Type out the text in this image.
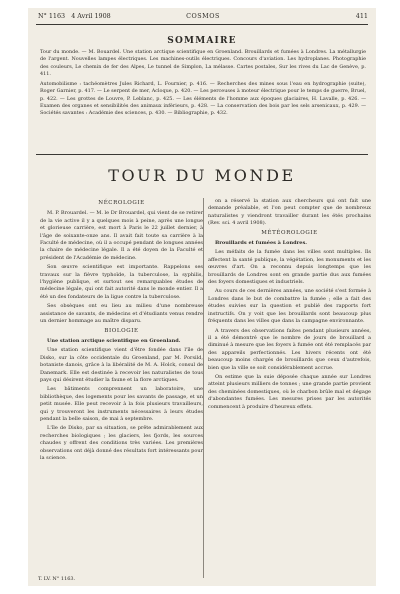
N° 1163 4 Avril 1908	COSMOS	411
SOMMAIRE

Tour du monde. — M. Bouardel. Une station arctique scientifique en Groenland. Brouillards et fumées à Londres. La métallurgie de l'argent. Nouvelles lampes électriques. Les machines-outils électriques. Concours d'aviation. Les hydroplanes. Photographie des couleurs, Le chemin de fer des Alpes, Le tunnel de Simplon, La mélasse. Cartes postales, Sur les rives du Lac de Genève, p. 411.

Automobilisme : tachéomètres Jules Richard, L. Fournier, p. 416. — Recherches des mines sous l'eau en hydrographie (suite), Roger Garnier, p. 417. — Le serpent de mer, Acloque, p. 420. — Les perceuses à moteur électrique pour le temps de guerre, Bruel, p. 422. — Les grottes de Louvre, P. Leblanc, p. 425. — Les éléments de l'homme aux époques glaciaires, H. Lavalle, p. 426. — Examen des organes et sensibilités des animaux inférieurs, p. 428. — La conservation des bois par les sels arsenicaux, p. 429. — Sociétés savantes : Académie des sciences, p. 430. — Bibliographie, p. 432.

TOUR DU MONDE
NÉCROLOGIE

M. P. Brouardel. — M. le Dr Brouardel, qui vient de se retirer de la vie active il y a quelques mois à peine, après une longue et glorieuse carrière, est mort à Paris le 22 juillet dernier, à l'âge de soixante-onze ans. Il avait fait toute sa carrière à la Faculté de médecine, où il a occupé pendant de longues années la chaire de médecine légale. Il a été doyen de la Faculté et président de l'Académie de médecine.

Son œuvre scientifique est importante. Rappelons ses travaux sur la fièvre typhoïde, la tuberculose, la syphilis, l'hygiène publique, et surtout ses remarquables études de médecine légale, qui ont fait autorité dans le monde entier. Il a été un des fondateurs de la ligue contre la tuberculose.

Ses obsèques ont eu lieu au milieu d'une nombreuse assistance de savants, de médecins et d'étudiants venus rendre un dernier hommage au maître disparu.

BIOLOGIE

Une station arctique scientifique en Groenland.

Une station scientifique vient d'être fondée dans l'île de Disko, sur la côte occidentale du Groenland, par M. Porsild, botaniste danois, grâce à la libéralité de M. A. Holck, consul de Danemark. Elle est destinée à recevoir les naturalistes de tous pays qui désirent étudier la faune et la flore arctiques.

Les bâtiments comprennent un laboratoire, une bibliothèque, des logements pour les savants de passage, et un petit musée. Elle peut recevoir à la fois plusieurs travailleurs, qui y trouveront les instruments nécessaires à leurs études pendant la belle saison, de mai à septembre.

L'île de Disko, par sa situation, se prête admirablement aux recherches biologiques ; les glaciers, les fjords, les sources chaudes y offrent des conditions très variées. Les premières observations ont déjà donné des résultats fort intéressants pour la science.

on a réservé la station aux chercheurs qui ont fait une demande préalable, et l'on peut compter que de nombreux naturalistes y viendront travailler durant les étés prochains (Rev. sci. 4 avril 1908).

MÉTÉOROLOGIE

Brouillards et fumées à Londres.

Les méfaits de la fumée dans les villes sont multiples. Ils affectent la santé publique, la végétation, les monuments et les œuvres d'art. On a reconnu depuis longtemps que les brouillards de Londres sont en grande partie dus aux fumées des foyers domestiques et industriels.

Au cours de ces dernières années, une société s'est formée à Londres dans le but de combattre la fumée ; elle a fait des études suivies sur la question et publié des rapports fort instructifs. On y voit que les brouillards sont beaucoup plus fréquents dans les villes que dans la campagne environnante.

A travers des observations faites pendant plusieurs années, il a été démontré que le nombre de jours de brouillard a diminué à mesure que les foyers à fumée ont été remplacés par des appareils perfectionnés. Les hivers récents ont été beaucoup moins chargés de brouillards que ceux d'autrefois, bien que la ville se soit considérablement accrue.

On estime que la suie déposée chaque année sur Londres atteint plusieurs milliers de tonnes ; une grande partie provient des cheminées domestiques, où le charbon brûle mal et dégage d'abondantes fumées. Les mesures prises par les autorités commencent à produire d'heureux effets.

T. LV. N° 1163.
